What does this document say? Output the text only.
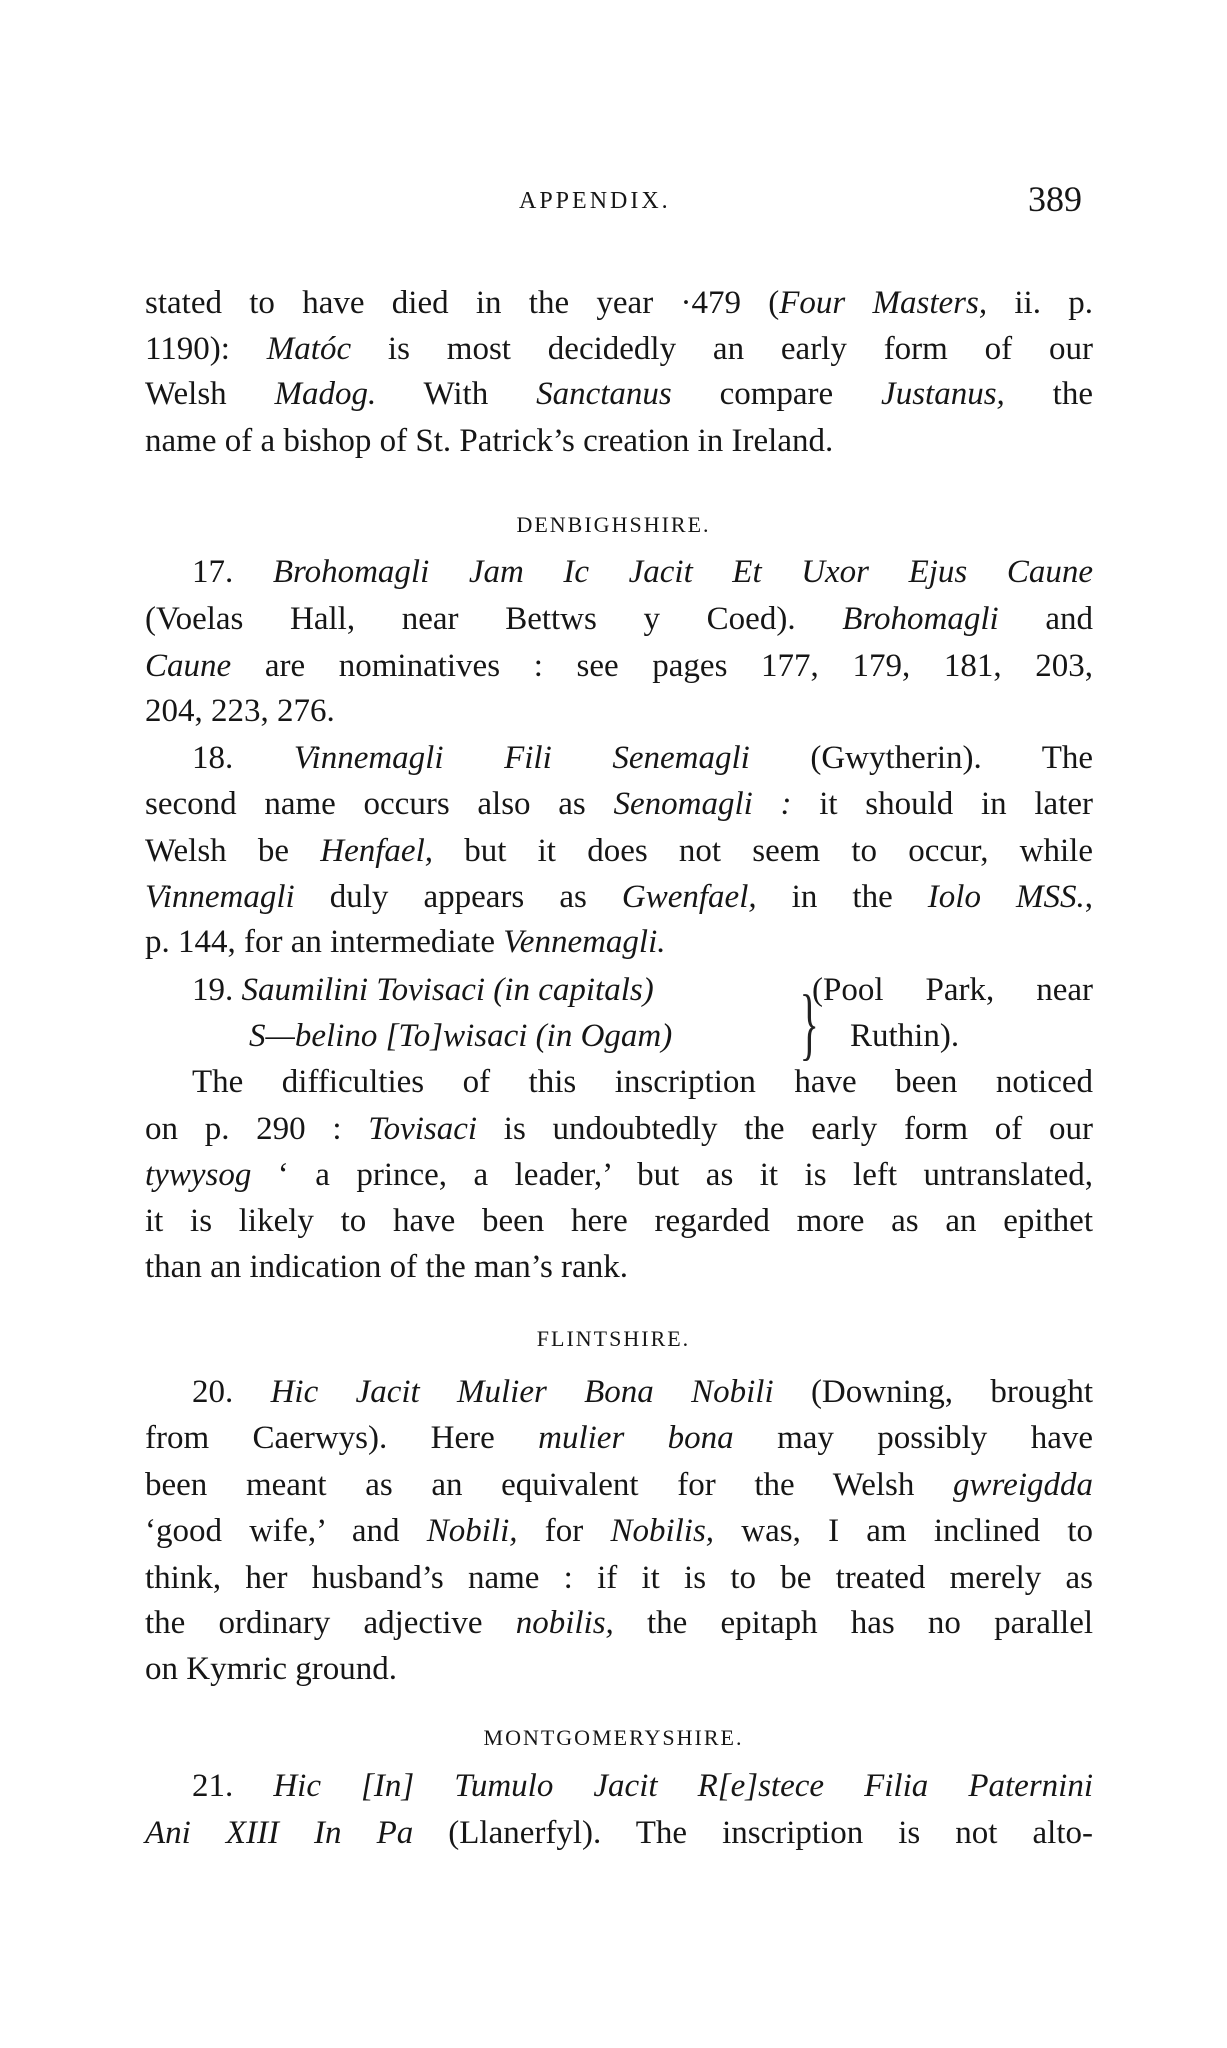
APPENDIX.	389
DENBIGHSHIRE.
FLINTSHIRE.
MONTGOMERYSHIRE.
19. Saumilini Tovisaci (in capitals)
S—belino [To]wisaci (in Ogam) }
(Pool Park, near
Ruthin).
stated to have died in the year ·479 (Four Masters, ii. p.
1190): Matóc is most decidedly an early form of our
Welsh Madog. With Sanctanus compare Justanus, the
name of a bishop of St. Patrick’s creation in Ireland.
17. Brohomagli Jam Ic Jacit Et Uxor Ejus Caune
(Voelas Hall, near Bettws y Coed). Brohomagli and
Caune are nominatives : see pages 177, 179, 181, 203,
204, 223, 276.
18. Vinnemagli Fili Senemagli (Gwytherin). The
second name occurs also as Senomagli : it should in later
Welsh be Henfael, but it does not seem to occur, while
Vinnemagli duly appears as Gwenfael, in the Iolo MSS.,
p. 144, for an intermediate Vennemagli.
The difficulties of this inscription have been noticed
on p. 290 : Tovisaci is undoubtedly the early form of our
tywysog ‘ a prince, a leader,’ but as it is left untranslated,
it is likely to have been here regarded more as an epithet
than an indication of the man’s rank.
20. Hic Jacit Mulier Bona Nobili (Downing, brought
from Caerwys). Here mulier bona may possibly have
been meant as an equivalent for the Welsh gwreigdda
‘good wife,’ and Nobili, for Nobilis, was, I am inclined to
think, her husband’s name : if it is to be treated merely as
the ordinary adjective nobilis, the epitaph has no parallel
on Kymric ground.
21. Hic [In] Tumulo Jacit R[e]stece Filia Paternini
Ani XIII In Pa (Llanerfyl). The inscription is not alto-
